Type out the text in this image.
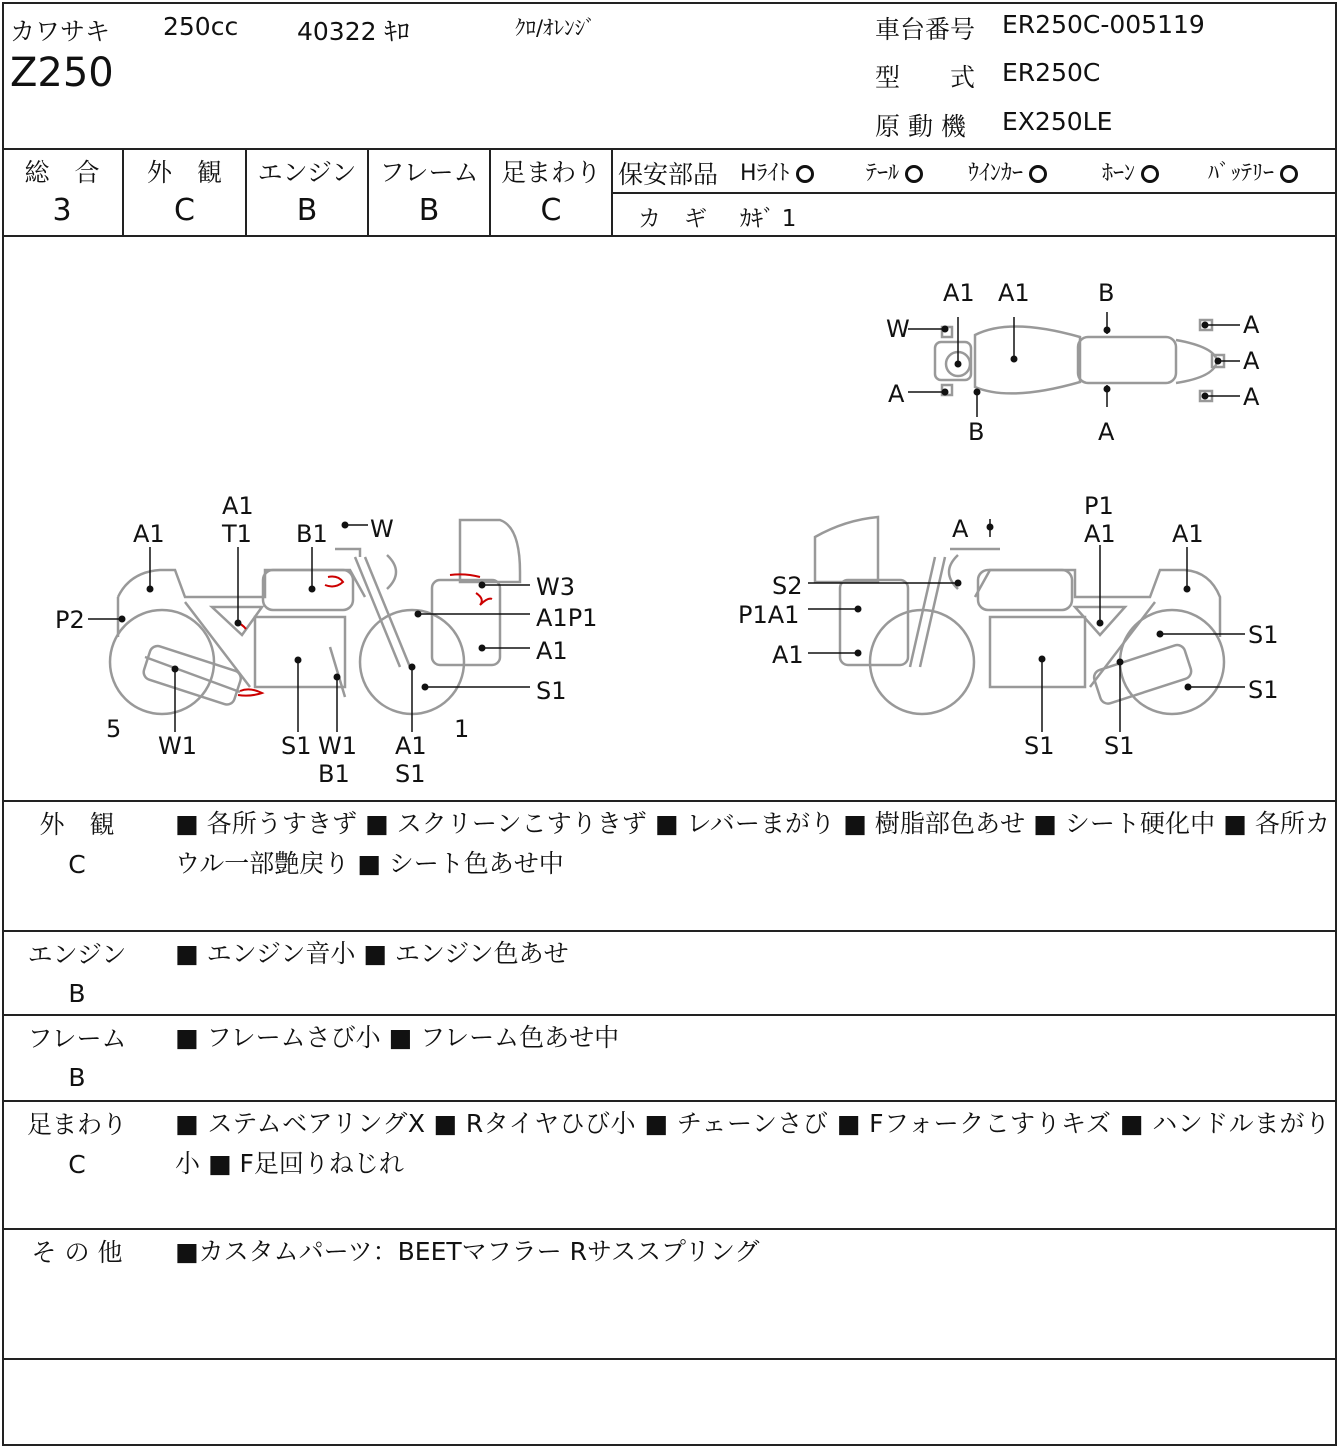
カワサキ 250cc 40322 ｷﾛ	ｸﾛ/ｵﾚﾝｼﾞ
Z250
車台番号 ER250C-005119
型　　式 ER250C
原 動 機 EX250LE
総　合
3
外　観
C
エンジン
B
フレーム
B
足まわり
C
保安部品 Hﾗｲﾄ	ﾃｰﾙ	ｳｲﾝｶｰ	ﾎｰﾝ	ﾊﾞｯﾃﾘｰ
カ　ギ ｶｷﾞ 1
A1 A1	B
W
A
A
A
A
B	A
A1 T1
A1
B1 W
P2
W3
A1P1
A1
S1
5
W1	S1 W1
B1
A1
S1
1
A
P1
A1 A1
S2
P1A1
A1
S1
S1
S1 S1
外　観
C
■ 各所うすきず ■ スクリーンこすりきず ■ レバーまがり ■ 樹脂部色あせ ■ シート硬化中 ■ 各所カウル一部艶戻り ■ シート色あせ中
エンジン
B
■ エンジン音小 ■ エンジン色あせ
フレーム
B
■ フレームさび小 ■ フレーム色あせ中
足まわり
C
■ ステムベアリングX ■ Rタイヤひび小 ■ チェーンさび ■ Fフォークこすりキズ ■ ハンドルまがり小 ■ F足回りねじれ
そ の 他	■カスタムパーツ：BEETマフラー Rサススプリング
